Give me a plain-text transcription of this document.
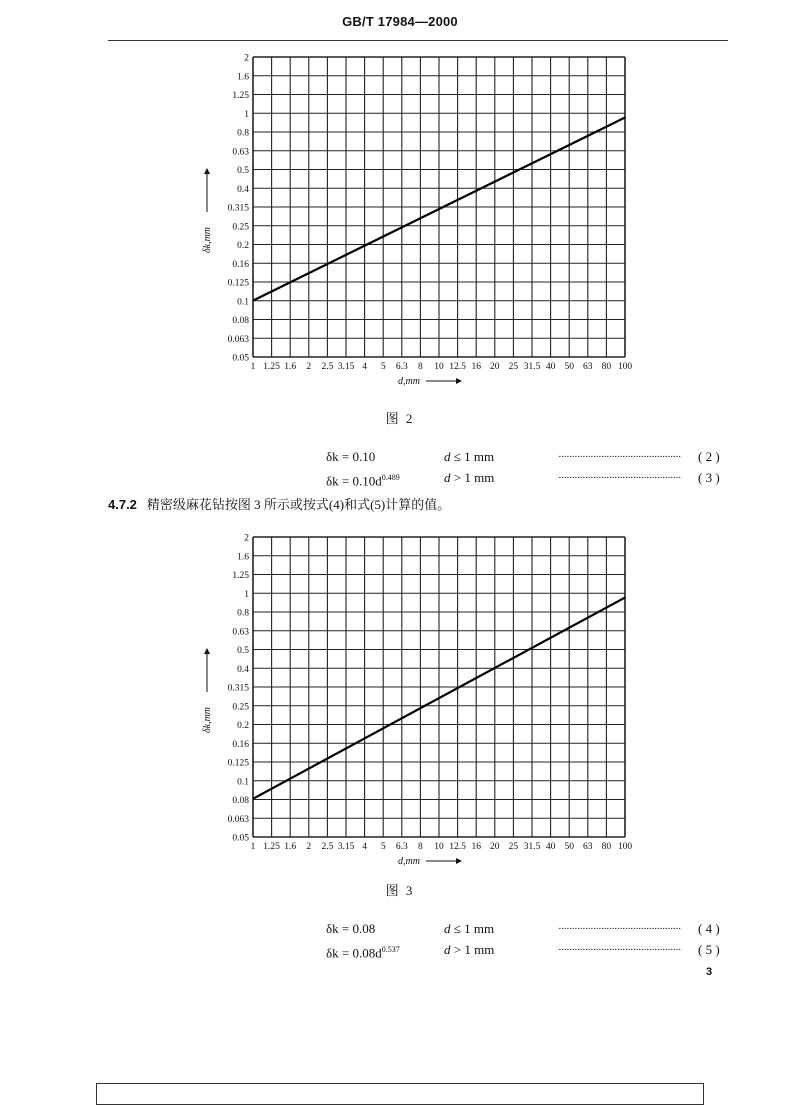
GB/T 17984—2000
0.05
0.063
0.08
0.1
0.125
0.16
0.2
0.25
0.315
0.4
0.5
0.63
0.8
1
1.25
1.6
2
1 1.25 1.6 2 2.5 3.15 4 5 6.3 8 10 12.5 16 20 25 31.5 40 50 63 80 100
d,mm
δk,mm
图 2
δk = 0.10	d ≤ 1 mm	··············································	( 2 )
$\delta k = 0.10d^{0.489}$	d > 1 mm	··············································	( 3 )
4.7.2 精密级麻花钻按图 3 所示或按式(4)和式(5)计算的值。
0.05
0.063
0.08
0.1
0.125
0.16
0.2
0.25
0.315
0.4
0.5
0.63
0.8
1
1.25
1.6
2
1 1.25 1.6 2 2.5 3.15 4 5 6.3 8 10 12.5 16 20 25 31.5 40 50 63 80 100
d,mm
δk,mm
图 3
δk = 0.08	d ≤ 1 mm	··············································	( 4 )
$\delta k = 0.08d^{0.537}$	d > 1 mm	··············································	( 5 )
3
